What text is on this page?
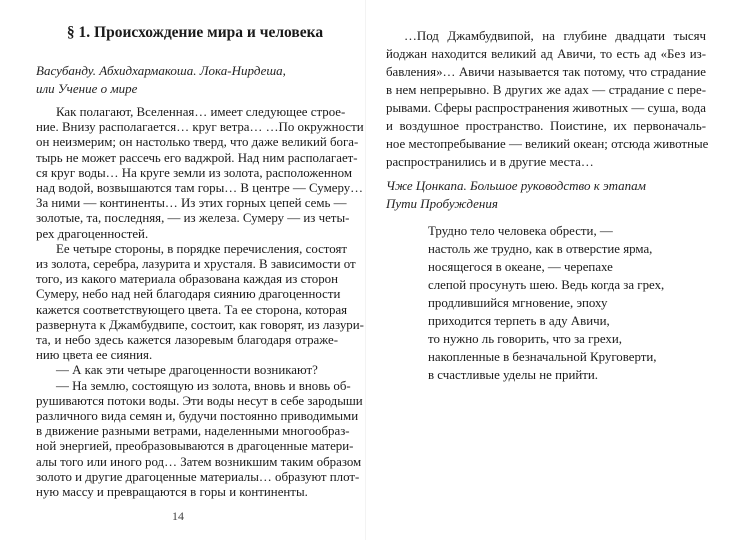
§ 1. Происхождение мира и человека
Васубанду. Абхидхармакоша. Лока-Нирдеша,
или Учение о мире
Как полагают, Вселенная… имеет следующее строе-
ние. Внизу располагается… круг ветра… …По окружности
он неизмерим; он настолько тверд, что даже великий бога-
тырь не может рассечь его ваджрой. Над ним располагает-
ся круг воды… На круге земли из золота, расположенном
над водой, возвышаются там горы… В центре — Сумеру…
За ними — континенты… Из этих горных цепей семь —
золотые, та, последняя, — из железа. Сумеру — из четы-
рех драгоценностей.
Ее четыре стороны, в порядке перечисления, состоят
из золота, серебра, лазурита и хрусталя. В зависимости от
того, из какого материала образована каждая из сторон
Сумеру, небо над ней благодаря сиянию драгоценности
кажется соответствующего цвета. Та ее сторона, которая
развернута к Джамбудвипе, состоит, как говорят, из лазури-
та, и небо здесь кажется лазоревым благодаря отраже-
нию цвета ее сияния.
— А как эти четыре драгоценности возникают?
— На землю, состоящую из золота, вновь и вновь об-
рушиваются потоки воды. Эти воды несут в себе зародыши
различного вида семян и, будучи постоянно приводимыми
в движение разными ветрами, наделенными многообраз-
ной энергией, преобразовываются в драгоценные матери-
алы того или иного род… Затем возникшим таким образом
золото и другие драгоценные материалы… образуют плот-
ную массу и превращаются в горы и континенты.
…Под Джамбудвипой, на глубине двадцати тысяч
йоджан находится великий ад Авичи, то есть ад «Без из-
бавления»… Авичи называется так потому, что страдание
в нем непрерывно. В других же адах — страдание с пере-
рывами. Сферы распространения животных — суша, вода
и воздушное пространство. Поистине, их первоначаль-
ное местопребывание — великий океан; отсюда животные
распространились и в другие места…
Чже Цонкапа. Большое руководство к этапам
Пути Пробуждения
Трудно тело человека обрести, —
настоль же трудно, как в отверстие ярма,
носящегося в океане, — черепахе
слепой просунуть шею. Ведь когда за грех,
продлившийся мгновение, эпоху
приходится терпеть в аду Авичи,
то нужно ль говорить, что за грехи,
накопленные в безначальной Круговерти,
в счастливые уделы не прийти.
14
